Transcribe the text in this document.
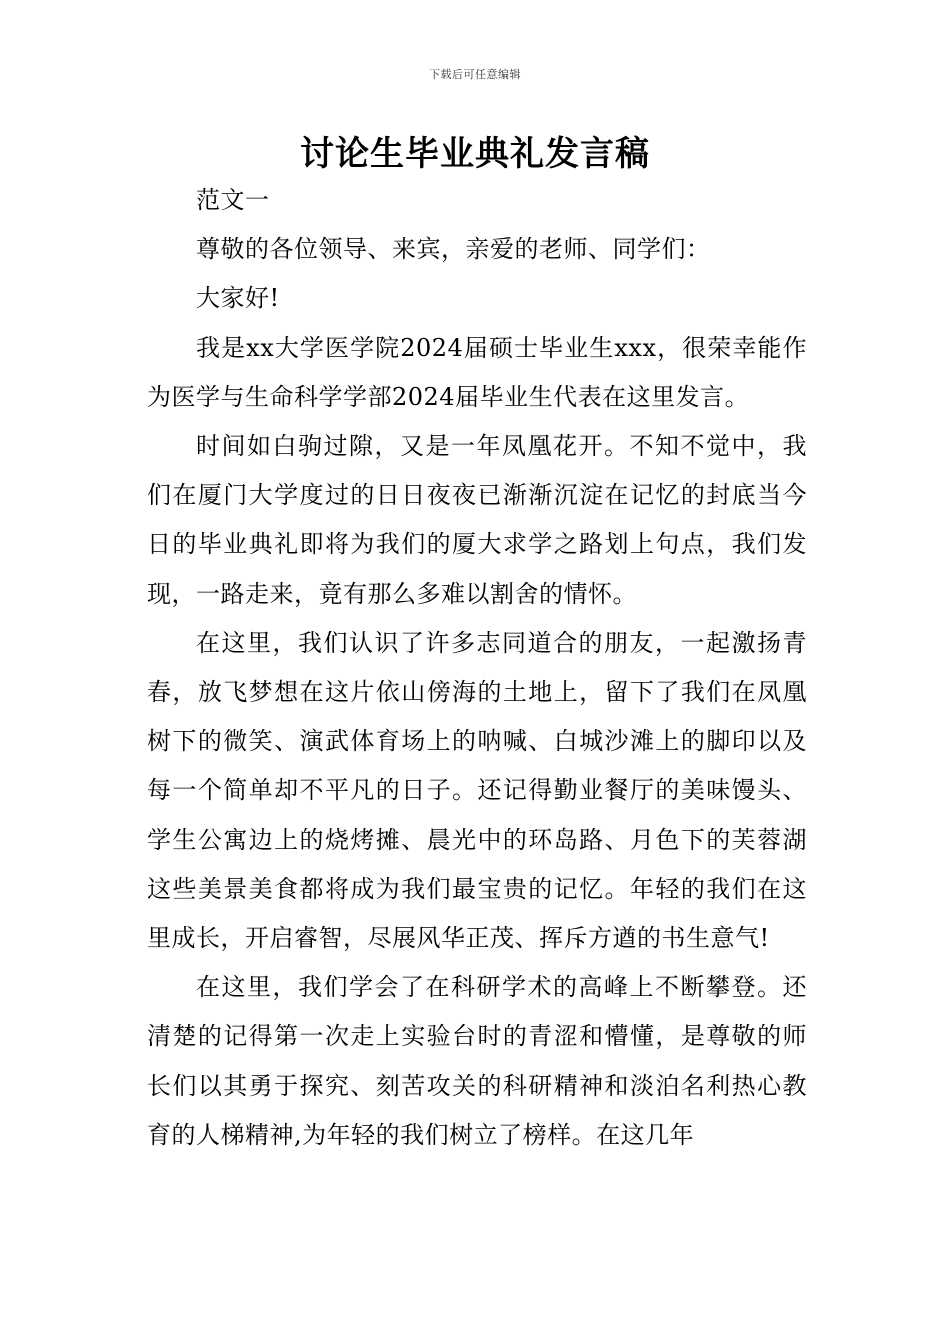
下载后可任意编辑
讨论生毕业典礼发言稿

范文一

尊敬的各位领导、来宾，亲爱的老师、同学们：

大家好!

我是xx大学医学院2024届硕士毕业生xxx，很荣幸能作为医学与生命科学学部2024届毕业生代表在这里发言。

时间如白驹过隙，又是一年凤凰花开。不知不觉中，我们在厦门大学度过的日日夜夜已渐渐沉淀在记忆的封底当今日的毕业典礼即将为我们的厦大求学之路划上句点，我们发现，一路走来，竟有那么多难以割舍的情怀。

在这里，我们认识了许多志同道合的朋友，一起激扬青春，放飞梦想在这片依山傍海的土地上，留下了我们在凤凰树下的微笑、演武体育场上的呐喊、白城沙滩上的脚印以及每一个简单却不平凡的日子。还记得勤业餐厅的美味馒头、学生公寓边上的烧烤摊、晨光中的环岛路、月色下的芙蓉湖这些美景美食都将成为我们最宝贵的记忆。年轻的我们在这里成长，开启睿智，尽展风华正茂、挥斥方遒的书生意气!

在这里，我们学会了在科研学术的高峰上不断攀登。还清楚的记得第一次走上实验台时的青涩和懵懂，是尊敬的师长们以其勇于探究、刻苦攻关的科研精神和淡泊名利热心教育的人梯精神,为年轻的我们树立了榜样。在这几年
